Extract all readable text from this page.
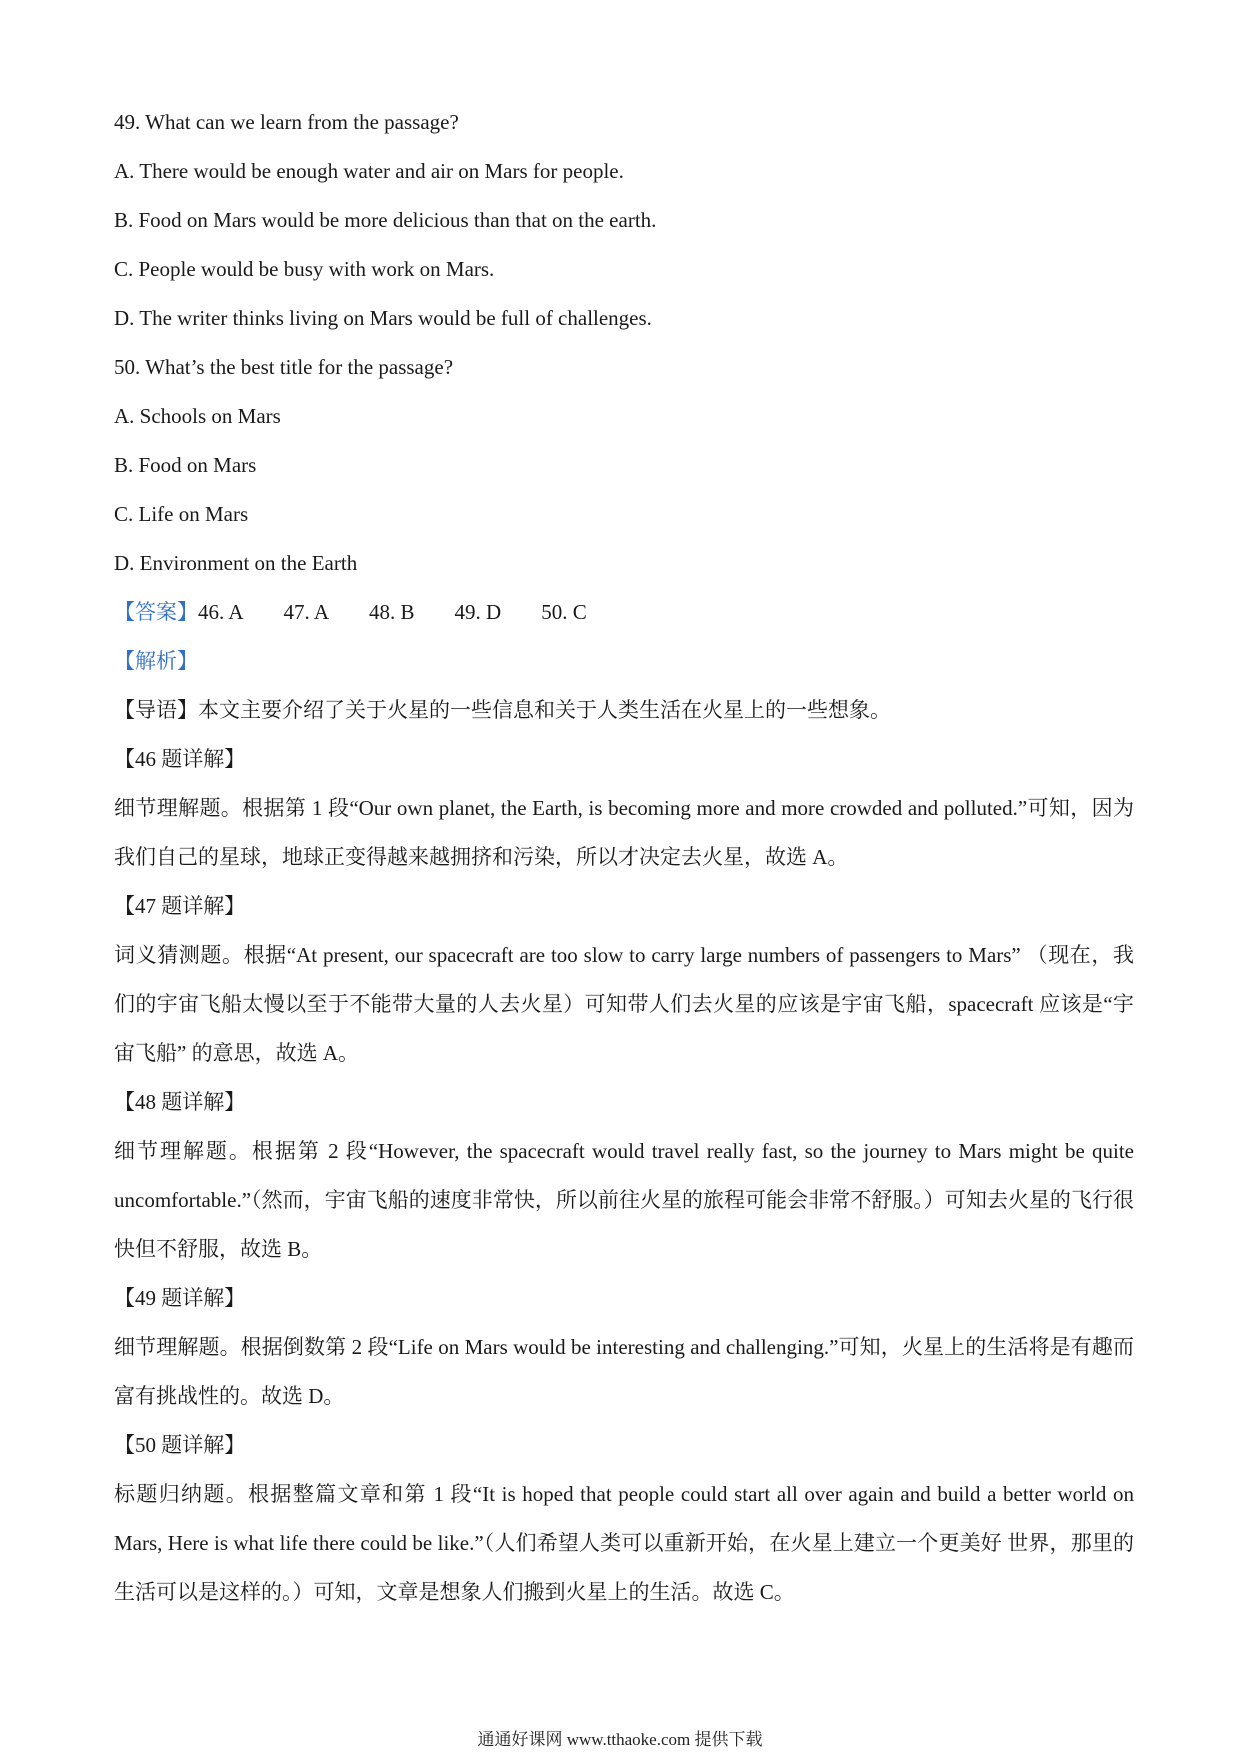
49. What can we learn from the passage?
A. There would be enough water and air on Mars for people.
B. Food on Mars would be more delicious than that on the earth.
C. People would be busy with work on Mars.
D. The writer thinks living on Mars would be full of challenges.
50. What’s the best title for the passage?
A. Schools on Mars
B. Food on Mars
C. Life on Mars
D. Environment on the Earth
【答案】46. A 47. A 48. B 49. D 50. C
【解析】
【导语】本文主要介绍了关于火星的一些信息和关于人类生活在火星上的一些想象。
【46 题详解】
细节理解题。根据第 1 段“Our own planet, the Earth, is becoming more and more crowded and polluted.”可知，因为我们自己的星球，地球正变得越来越拥挤和污染，所以才决定去火星，故选 A。
【47 题详解】
词义猜测题。根据“At present, our spacecraft are too slow to carry large numbers of passengers to Mars” （现在，我们的宇宙飞船太慢以至于不能带大量的人去火星）可知带人们去火星的应该是宇宙飞船，spacecraft 应该是“宇宙飞船” 的意思，故选 A。
【48 题详解】
细节理解题。根据第 2 段“However, the spacecraft would travel really fast, so the journey to Mars might be quite uncomfortable.”（然而，宇宙飞船的速度非常快，所以前往火星的旅程可能会非常不舒服。）可知去火星的飞行很快但不舒服，故选 B。
【49 题详解】
细节理解题。根据倒数第 2 段“Life on Mars would be interesting and challenging.”可知，火星上的生活将是有趣而富有挑战性的。故选 D。
【50 题详解】
标题归纳题。根据整篇文章和第 1 段“It is hoped that people could start all over again and build a better world on Mars, Here is what life there could be like.”（人们希望人类可以重新开始，在火星上建立一个更美好 世界，那里的生活可以是这样的。）可知，文章是想象人们搬到火星上的生活。故选 C。
通通好课网 www.tthaoke.com 提供下载
